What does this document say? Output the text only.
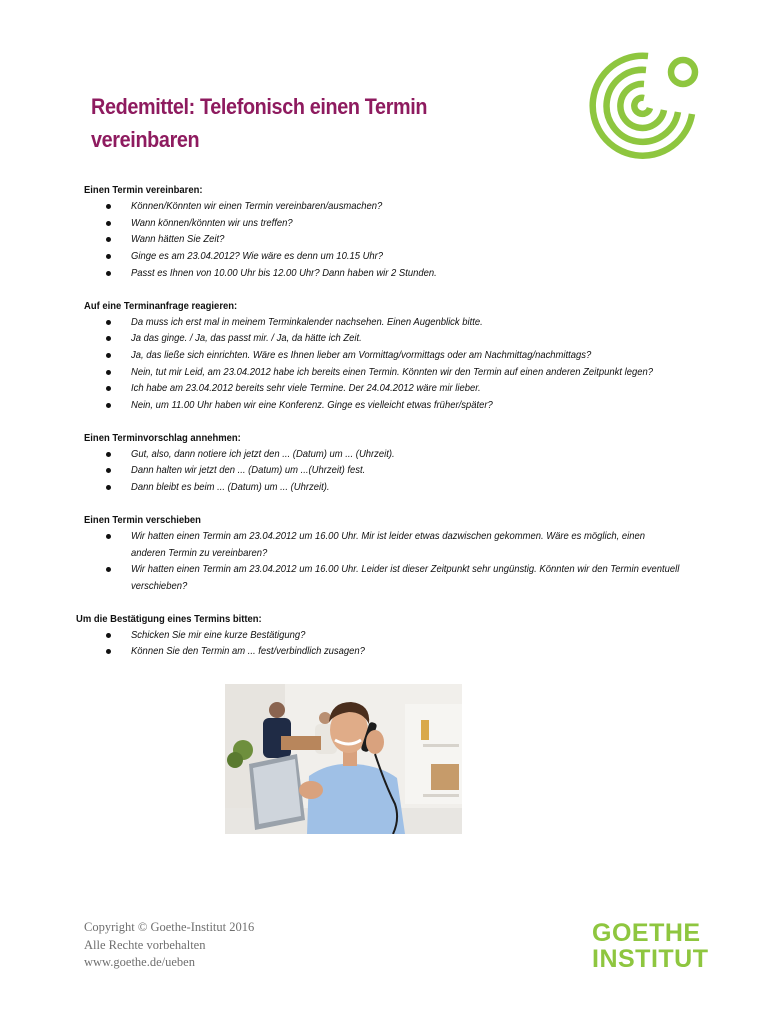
Redemittel: Telefonisch einen Termin vereinbaren
Einen Termin vereinbaren:
Können/Könnten wir einen Termin vereinbaren/ausmachen?
Wann können/könnten wir uns treffen?
Wann hätten Sie Zeit?
Ginge es am 23.04.2012? Wie wäre es denn um 10.15 Uhr?
Passt es Ihnen von 10.00 Uhr bis 12.00 Uhr? Dann haben wir 2 Stunden.
Auf eine Terminanfrage reagieren:
Da muss ich erst mal in meinem Terminkalender nachsehen. Einen Augenblick bitte.
Ja das ginge. / Ja, das passt mir. / Ja, da hätte ich Zeit.
Ja, das ließe sich einrichten. Wäre es Ihnen lieber am Vormittag/vormittags oder am Nachmittag/nachmittags?
Nein, tut mir Leid, am 23.04.2012 habe ich bereits einen Termin. Könnten wir den Termin auf einen anderen Zeitpunkt legen?
Ich habe am 23.04.2012 bereits sehr viele Termine. Der 24.04.2012 wäre mir lieber.
Nein, um 11.00 Uhr haben wir eine Konferenz. Ginge es vielleicht etwas früher/später?
Einen Terminvorschlag annehmen:
Gut, also, dann notiere ich jetzt den ... (Datum) um ... (Uhrzeit).
Dann halten wir jetzt den ... (Datum) um ...(Uhrzeit) fest.
Dann bleibt es beim ... (Datum) um ... (Uhrzeit).
Einen Termin verschieben
Wir hatten einen Termin am 23.04.2012 um 16.00 Uhr. Mir ist leider etwas dazwischen gekommen. Wäre es möglich, einen anderen Termin zu vereinbaren?
Wir hatten einen Termin am 23.04.2012 um 16.00 Uhr. Leider ist dieser Zeitpunkt sehr ungünstig. Könnten wir den Termin eventuell verschieben?
Um die Bestätigung eines Termins bitten:
Schicken Sie mir eine kurze Bestätigung?
Können Sie den Termin am ... fest/verbindlich zusagen?
Copyright © Goethe-Institut 2016
Alle Rechte vorbehalten
www.goethe.de/ueben
GOETHE
INSTITUT
